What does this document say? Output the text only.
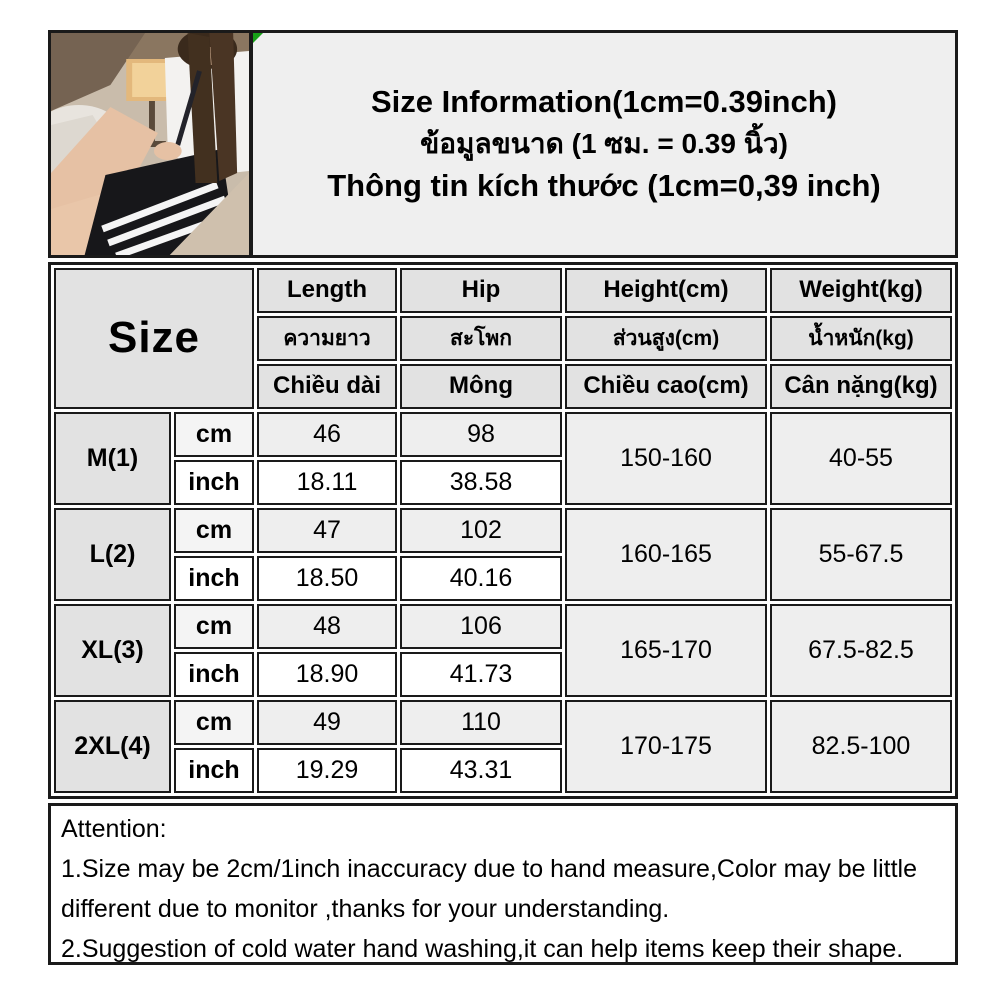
Size Information(1cm=0.39inch)
ข้อมูลขนาด (1 ซม. = 0.39 นิ้ว)
Thông tin kích thước (1cm=0,39 inch)
Size
Length	Hip	Height(cm)	Weight(kg)
ความยาว	สะโพก	ส่วนสูง(cm)	น้ำหนัก(kg)
Chiều dài	Mông	Chiều cao(cm)	Cân nặng(kg)
M(1)
cm	46	98
150-160	40-55
inch	18.11	38.58
L(2)
cm	47	102
160-165	55-67.5
inch	18.50	40.16
XL(3)
cm	48	106
165-170	67.5-82.5
inch	18.90	41.73
2XL(4)
cm	49	110
170-175	82.5-100
inch	19.29	43.31
Attention:
1.Size may be 2cm/1inch inaccuracy due to hand measure,Color may be little
different due to monitor ,thanks for your understanding.
2.Suggestion of cold water hand washing,it can help items keep their shape.
